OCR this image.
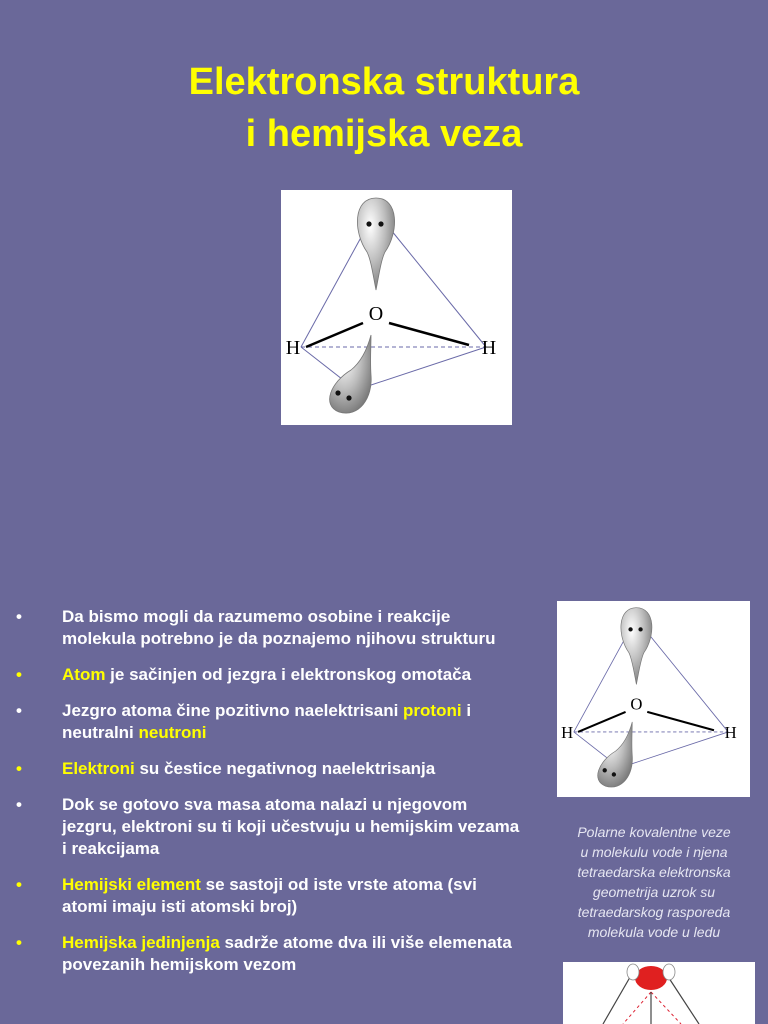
Elektronska struktura
i hemijska veza
O
H	H
•	Da bismo mogli da razumemo osobine i reakcije molekula potrebno je da poznajemo njihovu strukturu
•	Atom je sačinjen od jezgra i elektronskog omotača
•	Jezgro atoma čine pozitivno naelektrisani protoni i neutralni neutroni
•	Elektroni su čestice negativnog naelektrisanja
•	Dok se gotovo sva masa atoma nalazi u njegovom jezgru, elektroni su ti koji učestvuju u hemijskim vezama i reakcijama
•	Hemijski element se sastoji od iste vrste atoma (svi atomi imaju isti atomski broj)
•	Hemijska jedinjenja sadrže atome dva ili više elemenata povezanih hemijskom vezom
O
H	H
Polarne kovalentne veze
u molekulu vode i njena
tetraedarska elektronska
geometrija uzrok su
tetraedarskog rasporeda
molekula vode u ledu
